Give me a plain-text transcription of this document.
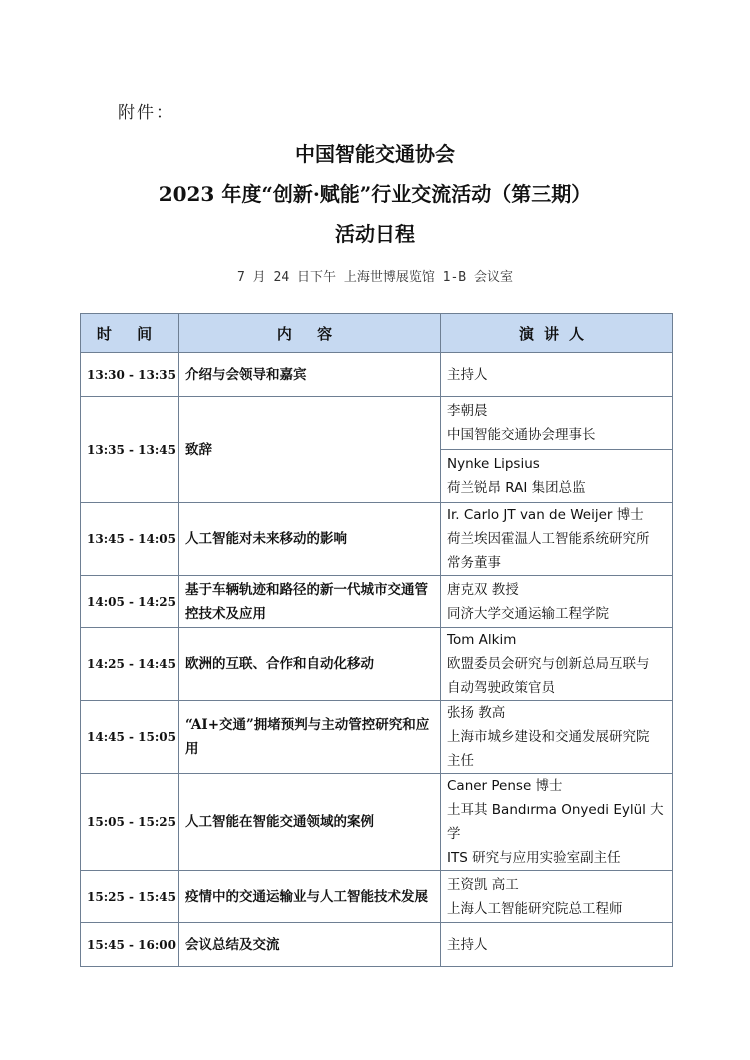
附件：
中国智能交通协会
2023 年度“创新·赋能”行业交流活动（第三期）
活动日程
7 月 24 日下午 上海世博展览馆 1-B 会议室
时 间	内 容	演讲人
13:30 - 13:35	介绍与会领导和嘉宾	主持人

13:35 - 13:45	致辞	李朝晨
中国智能交通协会理事长

		Nynke Lipsius
荷兰锐昂 RAI 集团总监

13:45 - 14:05	人工智能对未来移动的影响	Ir. Carlo JT van de Weijer 博士
荷兰埃因霍温人工智能系统研究所
常务董事

14:05 - 14:25	基于车辆轨迹和路径的新一代城市交通管控技术及应用	唐克双 教授
同济大学交通运输工程学院

14:25 - 14:45	欧洲的互联、合作和自动化移动	Tom Alkim
欧盟委员会研究与创新总局互联与
自动驾驶政策官员

14:45 - 15:05	“AI+交通”拥堵预判与主动管控研究和应用	张扬 教高
上海市城乡建设和交通发展研究院
主任

15:05 - 15:25	人工智能在智能交通领域的案例	Caner Pense 博士
土耳其 Bandırma Onyedi Eylül 大学
ITS 研究与应用实验室副主任

15:25 - 15:45	疫情中的交通运输业与人工智能技术发展	王资凯 高工
上海人工智能研究院总工程师

15:45 - 16:00	会议总结及交流	主持人
